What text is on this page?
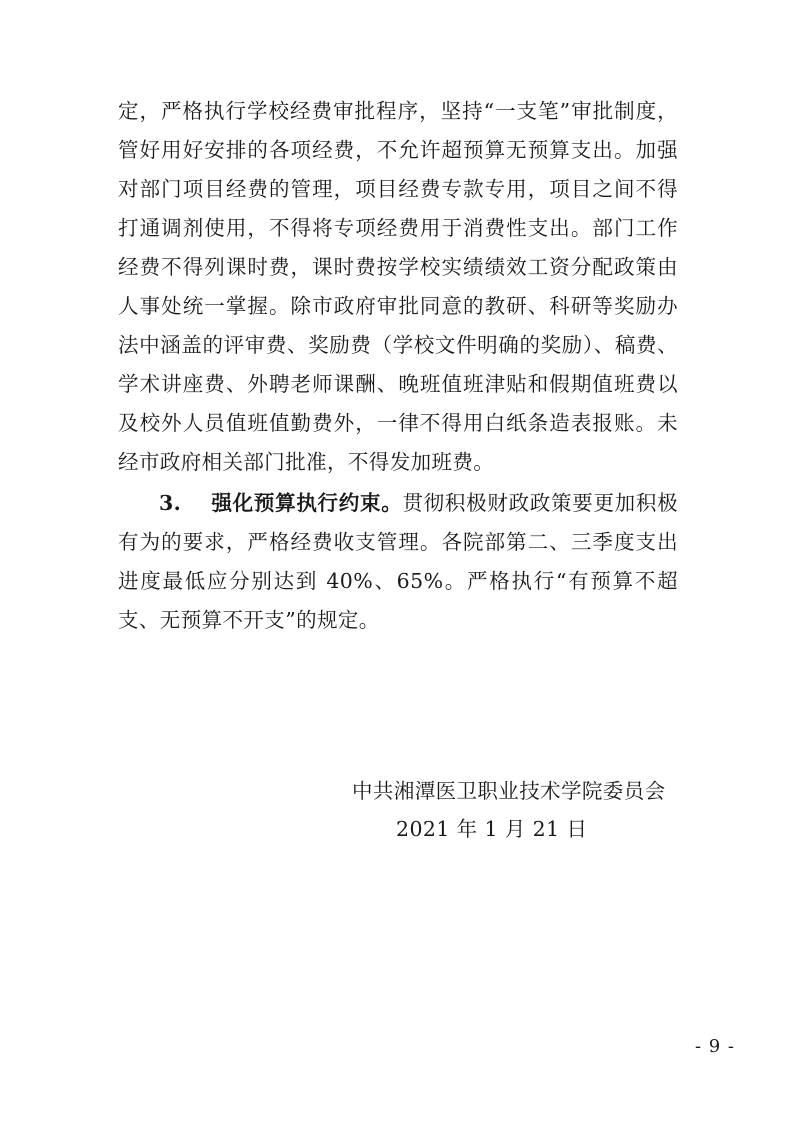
定，严格执行学校经费审批程序，坚持“一支笔”审批制度，管好用好安排的各项经费，不允许超预算无预算支出。加强对部门项目经费的管理，项目经费专款专用，项目之间不得打通调剂使用，不得将专项经费用于消费性支出。部门工作经费不得列课时费，课时费按学校实绩绩效工资分配政策由人事处统一掌握。除市政府审批同意的教研、科研等奖励办法中涵盖的评审费、奖励费（学校文件明确的奖励）、稿费、学术讲座费、外聘老师课酬、晚班值班津贴和假期值班费以及校外人员值班值勤费外，一律不得用白纸条造表报账。未经市政府相关部门批准，不得发加班费。

3. 强化预算执行约束。贯彻积极财政政策要更加积极有为的要求，严格经费收支管理。各院部第二、三季度支出进度最低应分别达到 40%、65%。严格执行“有预算不超支、无预算不开支”的规定。

中共湘潭医卫职业技术学院委员会
2021 年 1 月 21 日
- 9 -
